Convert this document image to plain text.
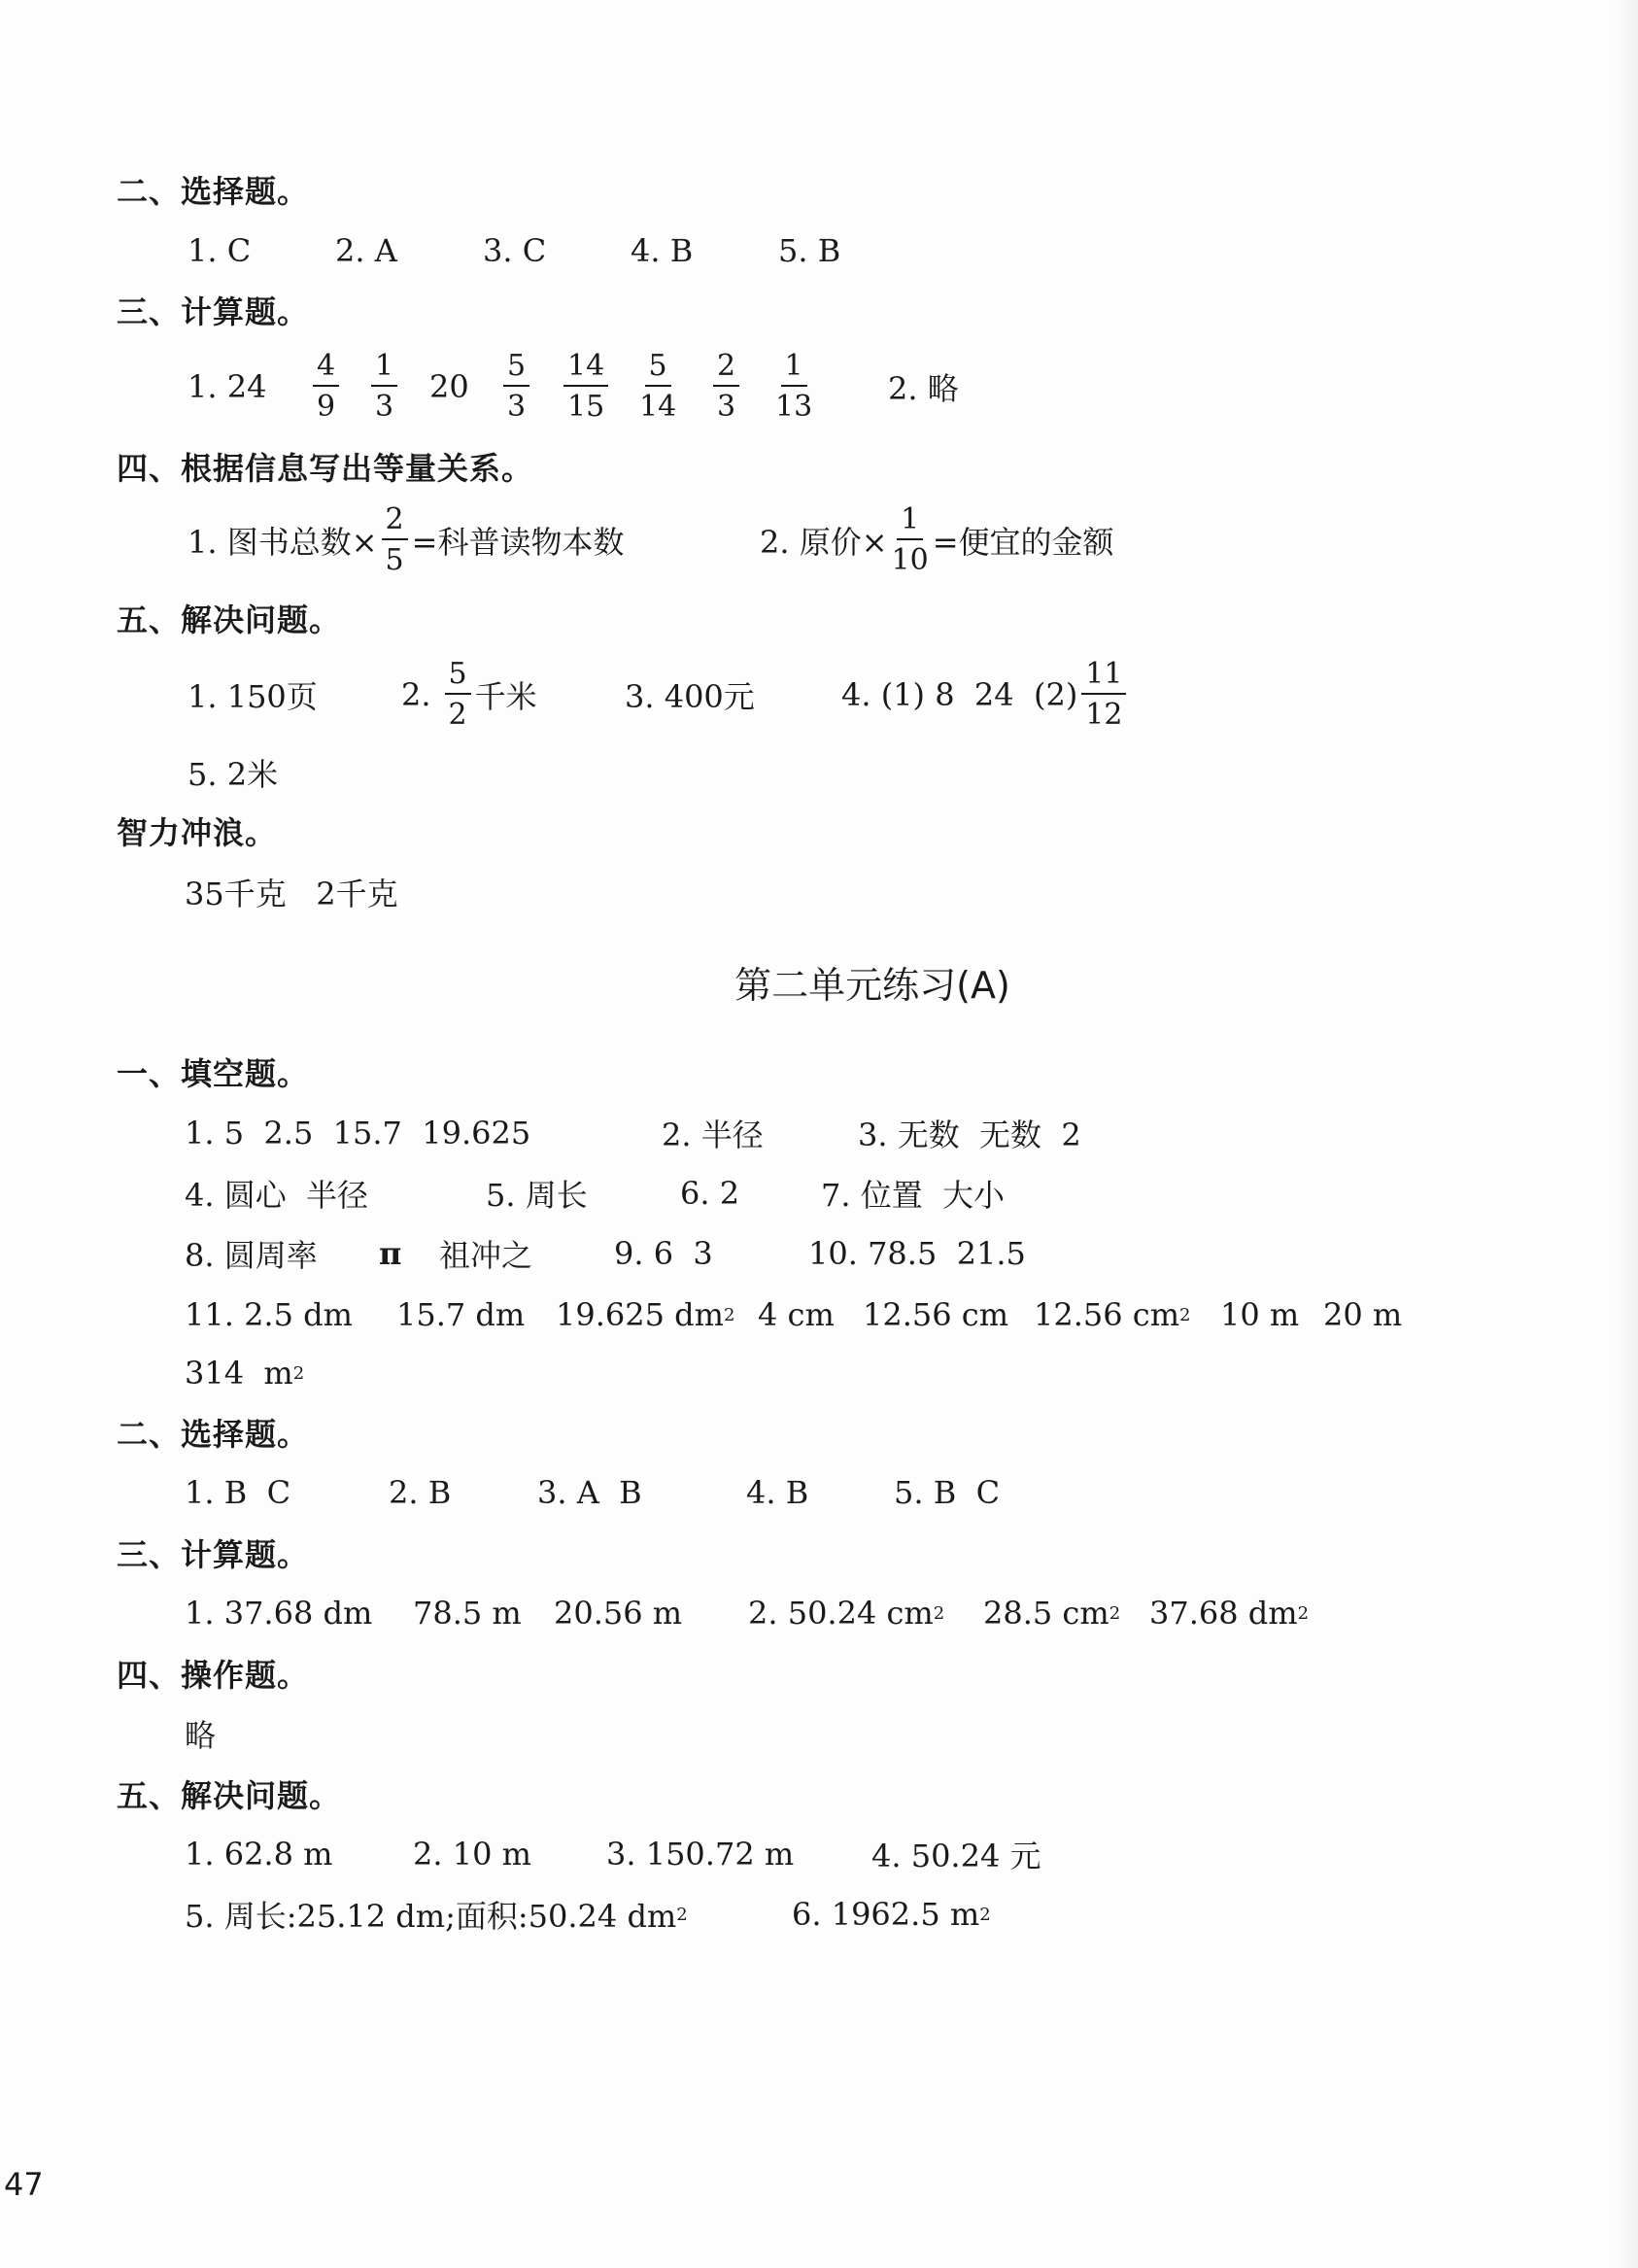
二、选择题。
1. C	2. A	3. C	4. B	5. B
三、计算题。
1. $24 \frac{4}{9} \frac{1}{3} 20 \frac{5}{3} \frac{14}{15} \frac{5}{14} \frac{2}{3} \frac{1}{13} 2$. 略
四、根据信息写出等量关系。
1. 图书总数× $\frac{2}{5}$ =科普读物本数	2. 原价× $\frac{1}{10}$ =便宜的金额
五、解决问题。
1. 150页	2. $\frac{5}{2}$ 千米	3. 400元	4. (1) 8  24  $(2) \frac{11}{12}$
5. 2米
智力冲浪。
35千克   2千克
第二单元练习(A)
一、填空题。
1. 5  2.5  15.7  19.625	2. 半径	3. 无数  无数  2
4. 圆心  半径	5. 周长	6. 2	7. 位置  大小
8. 圆周率 π 祖冲之	9. 6  3	10. 78.5  21.5
11. 2.5 dm 15.7 dm 19.625 dm 2 4 cm 12.56 cm 12.56 cm 2 10 m 20 m
314  m 2
二、选择题。
1. B  C	2. B	3. A  B	4. B	5. B  C
三、计算题。
1. 37.68 dm 78.5 m 20.56 m 2. 50.24 cm 2 28.5 cm 2 37.68 dm 2
四、操作题。
略
五、解决问题。
1. 62.8 m	2. 10 m 3. 150.72 m 4. 50.24 元
5. 周长:25.12 dm;面积:50.24 dm 2	6. 1962.5 m 2
47
